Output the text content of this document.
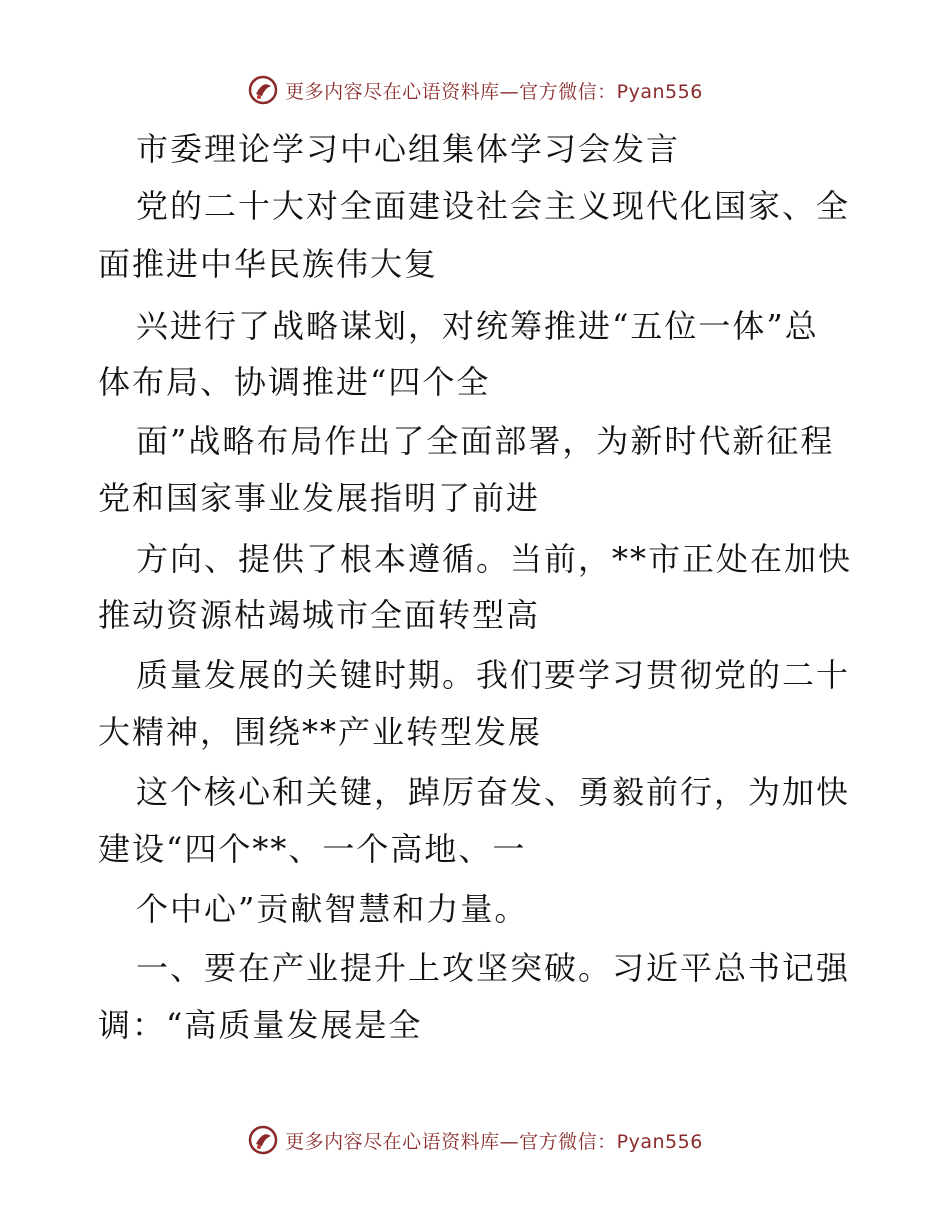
更多内容尽在心语资料库—官方微信：Pyan556
市委理论学习中心组集体学习会发言
党的二十大对全面建设社会主义现代化国家、全
面推进中华民族伟大复
兴进行了战略谋划，对统筹推进“五位一体”总
体布局、协调推进“四个全
面”战略布局作出了全面部署，为新时代新征程
党和国家事业发展指明了前进
方向、提供了根本遵循。当前，**市正处在加快
推动资源枯竭城市全面转型高
质量发展的关键时期。我们要学习贯彻党的二十
大精神，围绕**产业转型发展
这个核心和关键，踔厉奋发、勇毅前行，为加快
建设“四个**、一个高地、一
个中心”贡献智慧和力量。
一、要在产业提升上攻坚突破。习近平总书记强
调：“高质量发展是全
更多内容尽在心语资料库—官方微信：Pyan556
